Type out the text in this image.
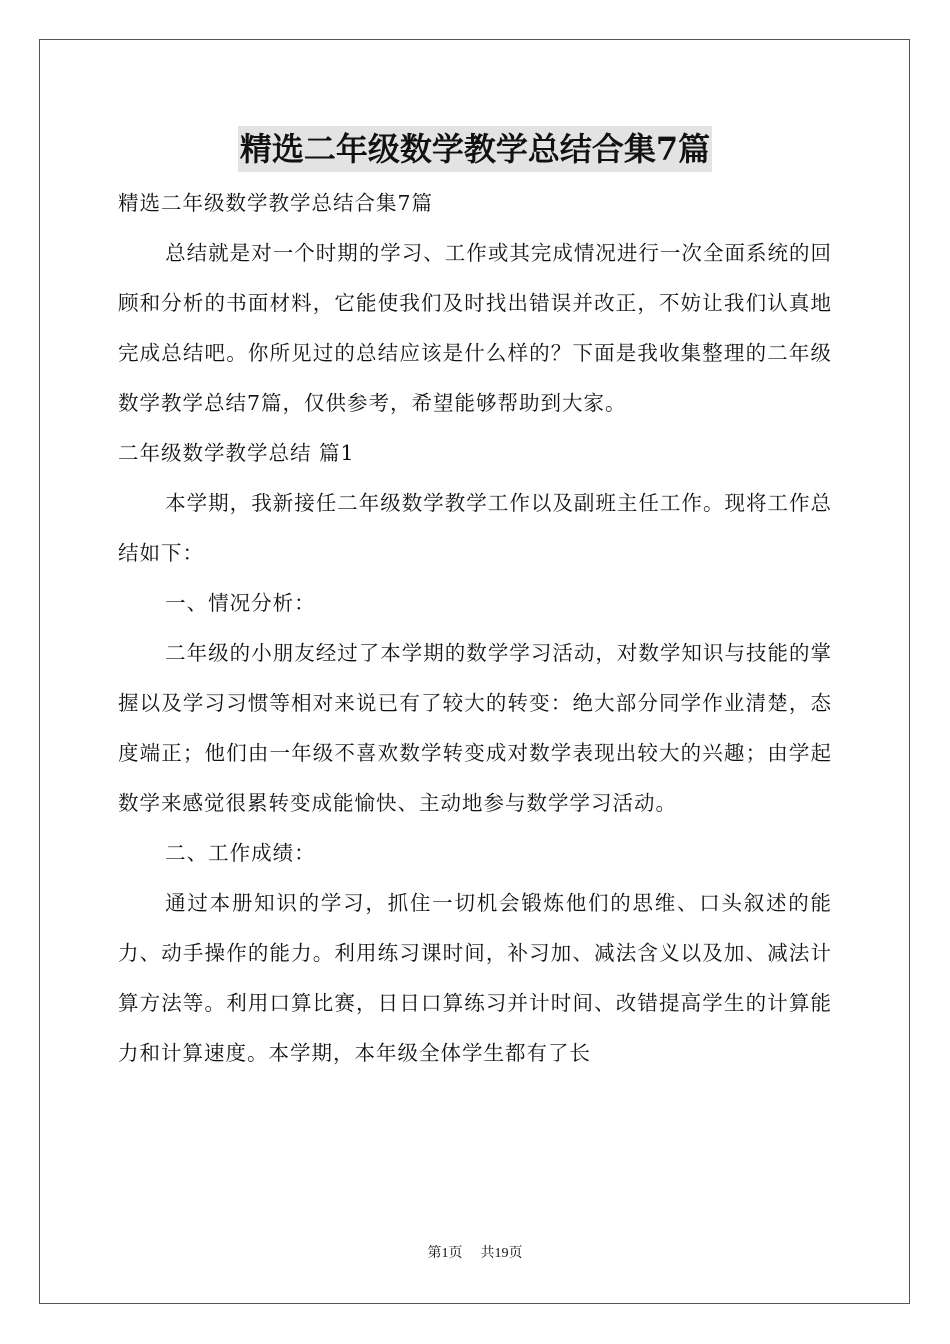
精选二年级数学教学总结合集7篇

精选二年级数学教学总结合集7篇

总结就是对一个时期的学习、工作或其完成情况进行一次全面系统的回顾和分析的书面材料，它能使我们及时找出错误并改正，不妨让我们认真地完成总结吧。你所见过的总结应该是什么样的？下面是我收集整理的二年级数学教学总结7篇，仅供参考，希望能够帮助到大家。

二年级数学教学总结 篇1

本学期，我新接任二年级数学教学工作以及副班主任工作。现将工作总结如下：

一、情况分析：

二年级的小朋友经过了本学期的数学学习活动，对数学知识与技能的掌握以及学习习惯等相对来说已有了较大的转变：绝大部分同学作业清楚，态度端正；他们由一年级不喜欢数学转变成对数学表现出较大的兴趣；由学起数学来感觉很累转变成能愉快、主动地参与数学学习活动。

二、工作成绩：

通过本册知识的学习，抓住一切机会锻炼他们的思维、口头叙述的能力、动手操作的能力。利用练习课时间，补习加、减法含义以及加、减法计算方法等。利用口算比赛，日日口算练习并计时间、改错提高学生的计算能力和计算速度。本学期，本年级全体学生都有了长

第1页 共19页
